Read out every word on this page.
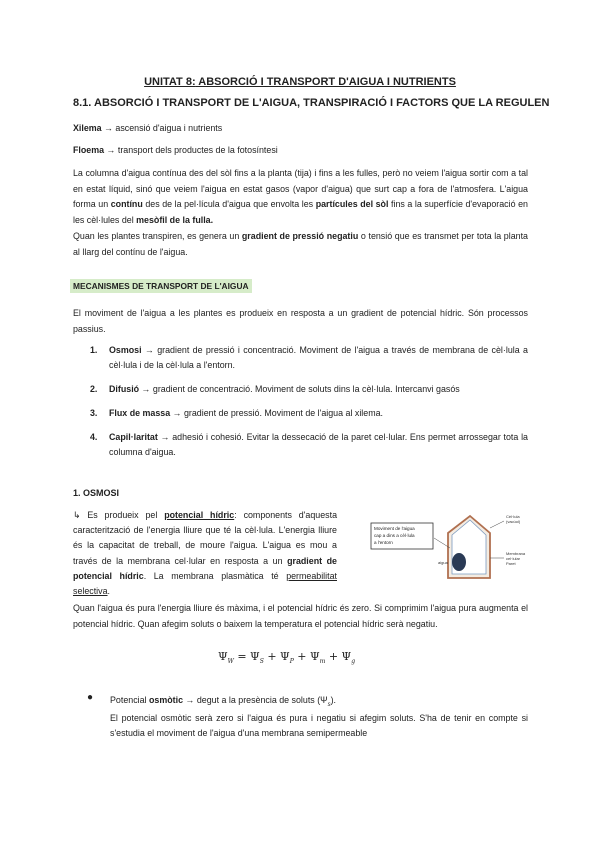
UNITAT 8: ABSORCIÓ I TRANSPORT D'AIGUA I NUTRIENTS
8.1. ABSORCIÓ I TRANSPORT DE L'AIGUA, TRANSPIRACIÓ I FACTORS QUE LA REGULEN
Xilema → ascensió d'aigua i nutrients
Floema → transport dels productes de la fotosíntesi
La columna d'aigua contínua des del sòl fins a la planta (tija) i fins a les fulles, però no veiem l'aigua sortir com a tal en estat líquid, sinó que veiem l'aigua en estat gasos (vapor d'aigua) que surt cap a fora de l'atmosfera. L'aigua forma un contínu des de la pel·lícula d'aigua que envolta les partícules del sòl fins a la superfície d'evaporació en les cèl·lules del mesòfil de la fulla.
Quan les plantes transpiren, es genera un gradient de pressió negatiu o tensió que es transmet per tota la planta al llarg del contínu de l'aigua.
MECANISMES DE TRANSPORT DE L'AIGUA
El moviment de l'aigua a les plantes es produeix en resposta a un gradient de potencial hídric. Són processos passius.
1. Osmosi → gradient de pressió i concentració. Moviment de l'aigua a través de membrana de cèl·lula a cèl·lula i de la cèl·lula a l'entorn.
2. Difusió → gradient de concentració. Moviment de soluts dins la cèl·lula. Intercanvi gasós
3. Flux de massa → gradient de pressió. Moviment de l'aigua al xilema.
4. Capil·laritat → adhesió i cohesió. Evitar la dessecació de la paret cel·lular. Ens permet arrossegar tota la columna d'aigua.
1. OSMOSI
↳ Es produeix pel potencial hídric: components d'aquesta caracterització de l'energia lliure que té la cèl·lula. L'energia lliure és la capacitat de treball, de moure l'aigua. L'aigua es mou a través de la membrana cel·lular en resposta a un gradient de potencial hídric. La membrana plasmàtica té permeabilitat selectiva.
Moviment de l'aigua
cap a dins a cèl·lula
a l'entorn
Cèl·lula
(vacúol)
Membrana
cel·lular
Paret
aigua
Quan l'aigua és pura l'energia lliure és màxima, i el potencial hídric és zero. Si comprimim l'aigua pura augmenta el potencial hídric. Quan afegim soluts o baixem la temperatura el potencial hídric serà negatiu.
$\Psi_W = \Psi_S + \Psi_P + \Psi_m + \Psi_g$
● Potencial osmòtic → degut a la presència de soluts $(\Psi_s)$.
El potencial osmòtic serà zero si l'aigua és pura i negatiu si afegim soluts. S'ha de tenir en compte si s'estudia el moviment de l'aigua d'una membrana semipermeable
